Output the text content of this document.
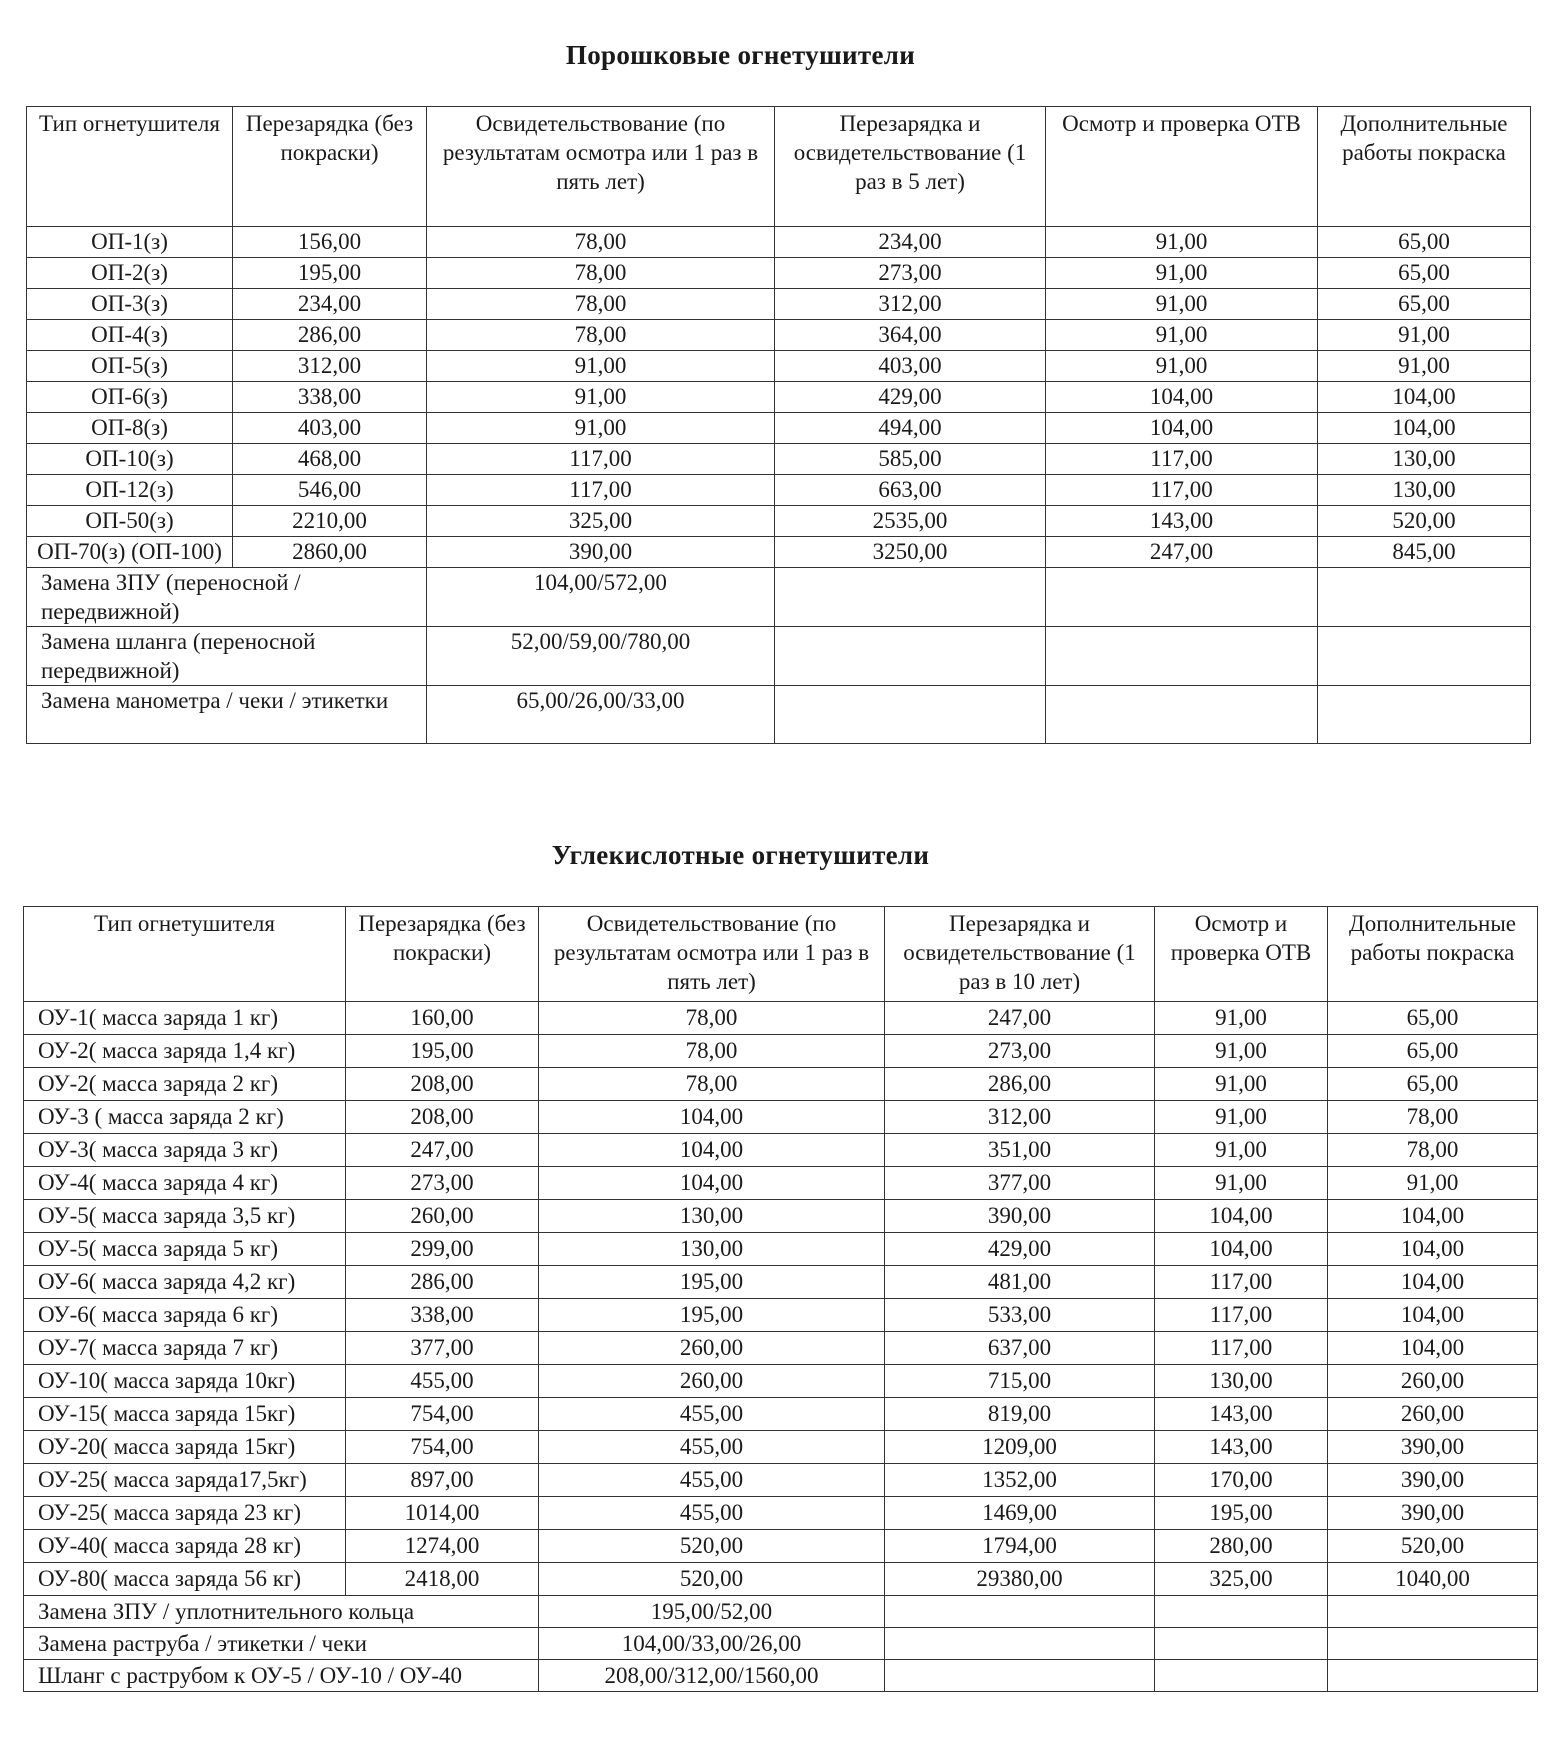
Порошковые огнетушители
Тип огнетушителя	Перезарядка (без покраски)	Освидетельствование (по результатам осмотра или 1 раз в пять лет)	Перезарядка и освидетельствование (1 раз в 5 лет)	Осмотр и проверка ОТВ	Дополнительные работы покраска
ОП-1(з)	156,00	78,00	234,00	91,00	65,00
ОП-2(з)	195,00	78,00	273,00	91,00	65,00
ОП-3(з)	234,00	78,00	312,00	91,00	65,00
ОП-4(з)	286,00	78,00	364,00	91,00	91,00
ОП-5(з)	312,00	91,00	403,00	91,00	91,00
ОП-6(з)	338,00	91,00	429,00	104,00	104,00
ОП-8(з)	403,00	91,00	494,00	104,00	104,00
ОП-10(з)	468,00	117,00	585,00	117,00	130,00
ОП-12(з)	546,00	117,00	663,00	117,00	130,00
ОП-50(з)	2210,00	325,00	2535,00	143,00	520,00
ОП-70(з) (ОП-100)	2860,00	390,00	3250,00	247,00	845,00
Замена ЗПУ (переносной / передвижной)		104,00/572,00			
Замена шланга (переносной передвижной)		52,00/59,00/780,00			
Замена манометра / чеки / этикетки		65,00/26,00/33,00			
Углекислотные огнетушители
Тип огнетушителя	Перезарядка (без покраски)	Освидетельствование (по результатам осмотра или 1 раз в пять лет)	Перезарядка и освидетельствование (1 раз в 10 лет)	Осмотр и проверка ОТВ	Дополнительные работы покраска
ОУ-1( масса заряда 1 кг)	160,00	78,00	247,00	91,00	65,00
ОУ-2( масса заряда 1,4 кг)	195,00	78,00	273,00	91,00	65,00
ОУ-2( масса заряда 2 кг)	208,00	78,00	286,00	91,00	65,00
ОУ-3 ( масса заряда 2 кг)	208,00	104,00	312,00	91,00	78,00
ОУ-3( масса заряда 3 кг)	247,00	104,00	351,00	91,00	78,00
ОУ-4( масса заряда 4 кг)	273,00	104,00	377,00	91,00	91,00
ОУ-5( масса заряда 3,5 кг)	260,00	130,00	390,00	104,00	104,00
ОУ-5( масса заряда 5 кг)	299,00	130,00	429,00	104,00	104,00
ОУ-6( масса заряда 4,2 кг)	286,00	195,00	481,00	117,00	104,00
ОУ-6( масса заряда 6 кг)	338,00	195,00	533,00	117,00	104,00
ОУ-7( масса заряда 7 кг)	377,00	260,00	637,00	117,00	104,00
ОУ-10( масса заряда 10кг)	455,00	260,00	715,00	130,00	260,00
ОУ-15( масса заряда 15кг)	754,00	455,00	819,00	143,00	260,00
ОУ-20( масса заряда 15кг)	754,00	455,00	1209,00	143,00	390,00
ОУ-25( масса заряда17,5кг)	897,00	455,00	1352,00	170,00	390,00
ОУ-25( масса заряда 23 кг)	1014,00	455,00	1469,00	195,00	390,00
ОУ-40( масса заряда 28 кг)	1274,00	520,00	1794,00	280,00	520,00
ОУ-80( масса заряда 56 кг)	2418,00	520,00	29380,00	325,00	1040,00
Замена ЗПУ / уплотнительного кольца		195,00/52,00			
Замена раструба / этикетки / чеки		104,00/33,00/26,00			
Шланг с раструбом к ОУ-5 / ОУ-10 / ОУ-40		208,00/312,00/1560,00			
